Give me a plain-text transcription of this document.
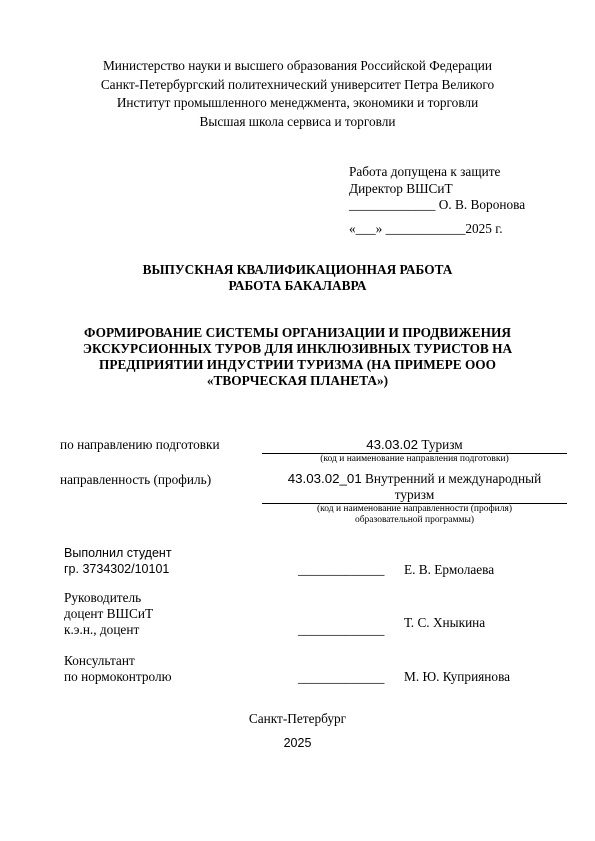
Министерство науки и высшего образования Российской Федерации
Санкт-Петербургский политехнический университет Петра Великого
Институт промышленного менеджмента, экономики и торговли
Высшая школа сервиса и торговли
Работа допущена к защите
Директор ВШСиТ
_____________ О. В. Воронова
«___» ____________2025 г.
ВЫПУСКНАЯ КВАЛИФИКАЦИОННАЯ РАБОТА
РАБОТА БАКАЛАВРА
ФОРМИРОВАНИЕ СИСТЕМЫ ОРГАНИЗАЦИИ И ПРОДВИЖЕНИЯ
ЭКСКУРСИОННЫХ ТУРОВ ДЛЯ ИНКЛЮЗИВНЫХ ТУРИСТОВ НА
ПРЕДПРИЯТИИ ИНДУСТРИИ ТУРИЗМА (НА ПРИМЕРЕ ООО
«ТВОРЧЕСКАЯ ПЛАНЕТА»)
по направлению подготовки	43.03.02 Туризм
(код и наименование направления подготовки)
направленность (профиль)	43.03.02_01 Внутренний и международный
туризм
(код и наименование направленности (профиля)
образовательной программы)
Выполнил студент
гр. 3734302/10101	_____________ Е. В. Ермолаева
Руководитель
доцент ВШСиТ
к.э.н., доцент	_____________ Т. С. Хныкина
Консультант
по нормоконтролю	_____________ М. Ю. Куприянова
Санкт-Петербург
2025
